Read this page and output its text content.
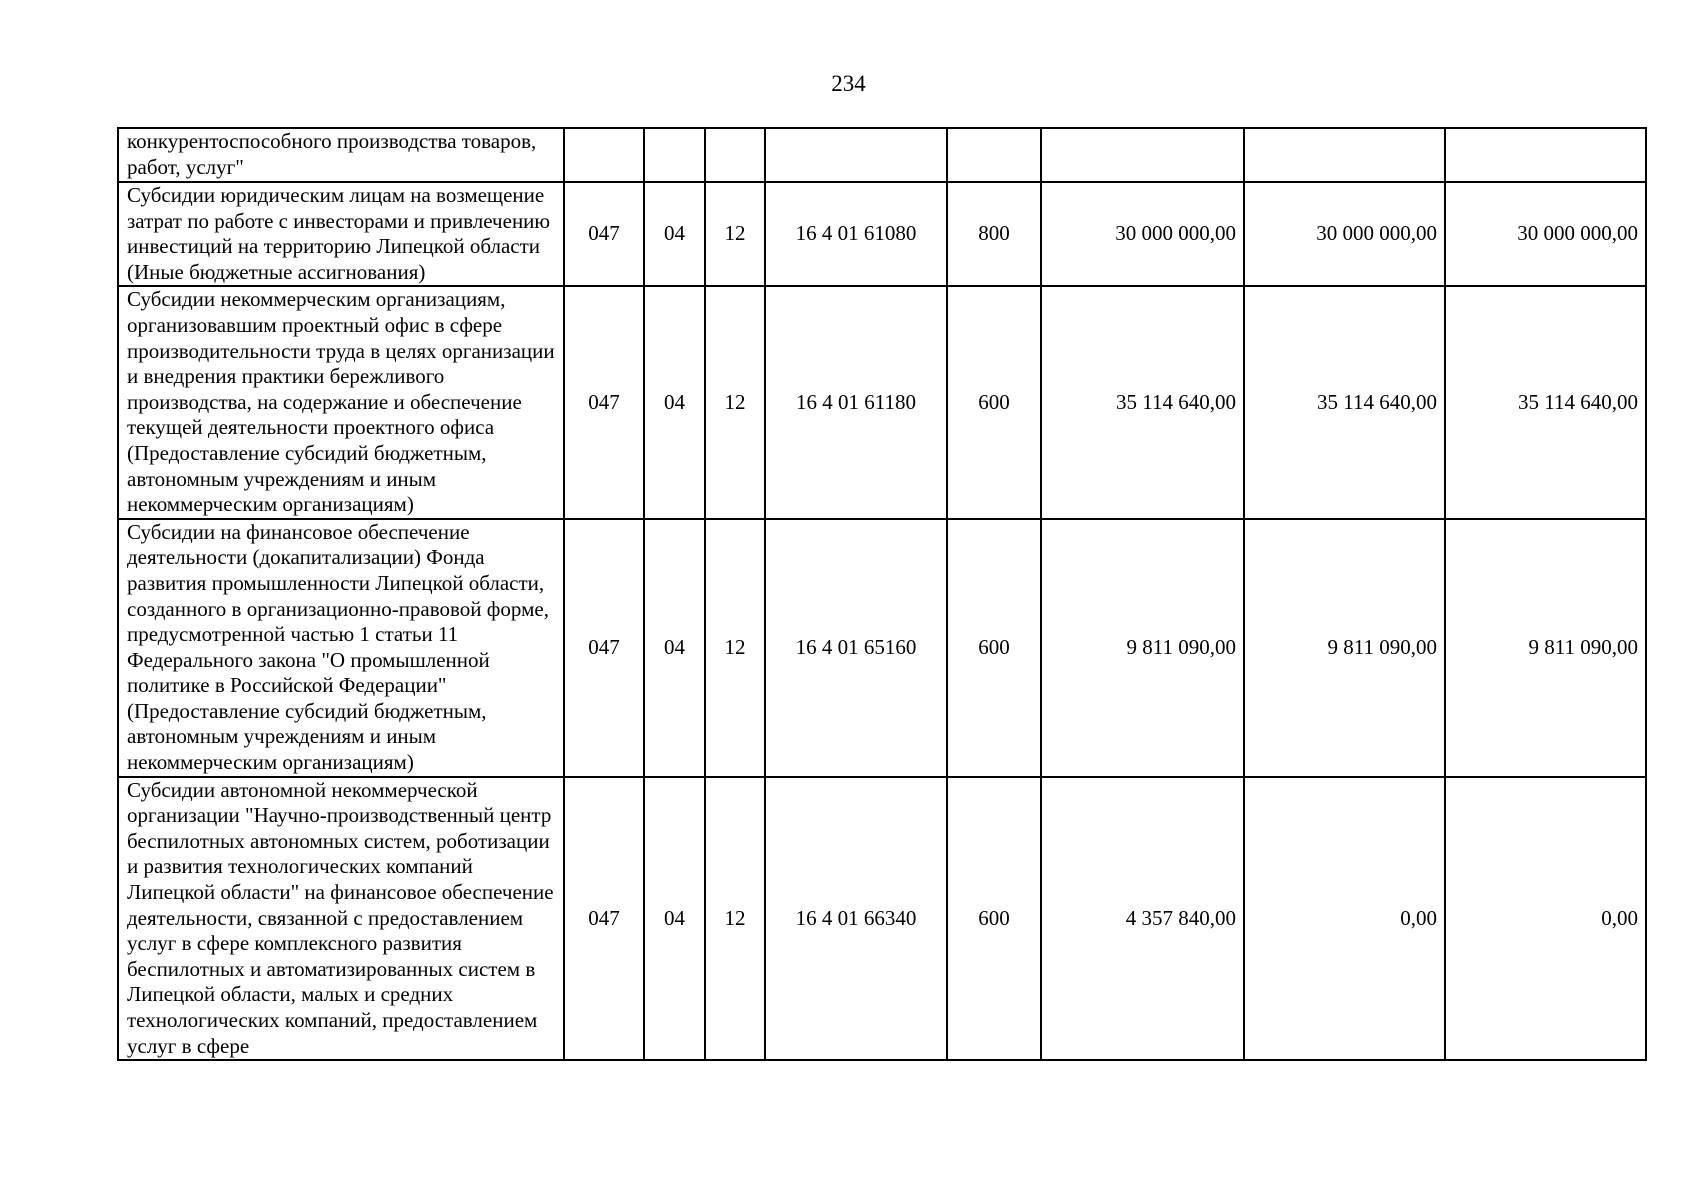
234
конкурентоспособного производства товаров, работ, услуг"								
Субсидии юридическим лицам на возмещение затрат по работе с инвесторами и привлечению инвестиций на территорию Липецкой области (Иные бюджетные ассигнования)	047	04	12	16 4 01 61080	800	30 000 000,00	30 000 000,00	30 000 000,00
Субсидии некоммерческим организациям, организовавшим проектный офис в сфере производительности труда в целях организации и внедрения практики бережливого производства, на содержание и обеспечение текущей деятельности проектного офиса (Предоставление субсидий бюджетным, автономным учреждениям и иным некоммерческим организациям)	047	04	12	16 4 01 61180	600	35 114 640,00	35 114 640,00	35 114 640,00
Субсидии на финансовое обеспечение деятельности (докапитализации) Фонда развития промышленности Липецкой области, созданного в организационно-правовой форме, предусмотренной частью 1 статьи 11 Федерального закона "О промышленной политике в Российской Федерации" (Предоставление субсидий бюджетным, автономным учреждениям и иным некоммерческим организациям)	047	04	12	16 4 01 65160	600	9 811 090,00	9 811 090,00	9 811 090,00
Субсидии автономной некоммерческой организации "Научно-производственный центр беспилотных автономных систем, роботизации и развития технологических компаний Липецкой области" на финансовое обеспечение деятельности, связанной с предоставлением услуг в сфере комплексного развития беспилотных и автоматизированных систем в Липецкой области, малых и средних технологических компаний, предоставлением услуг в сфере	047	04	12	16 4 01 66340	600	4 357 840,00	0,00	0,00
